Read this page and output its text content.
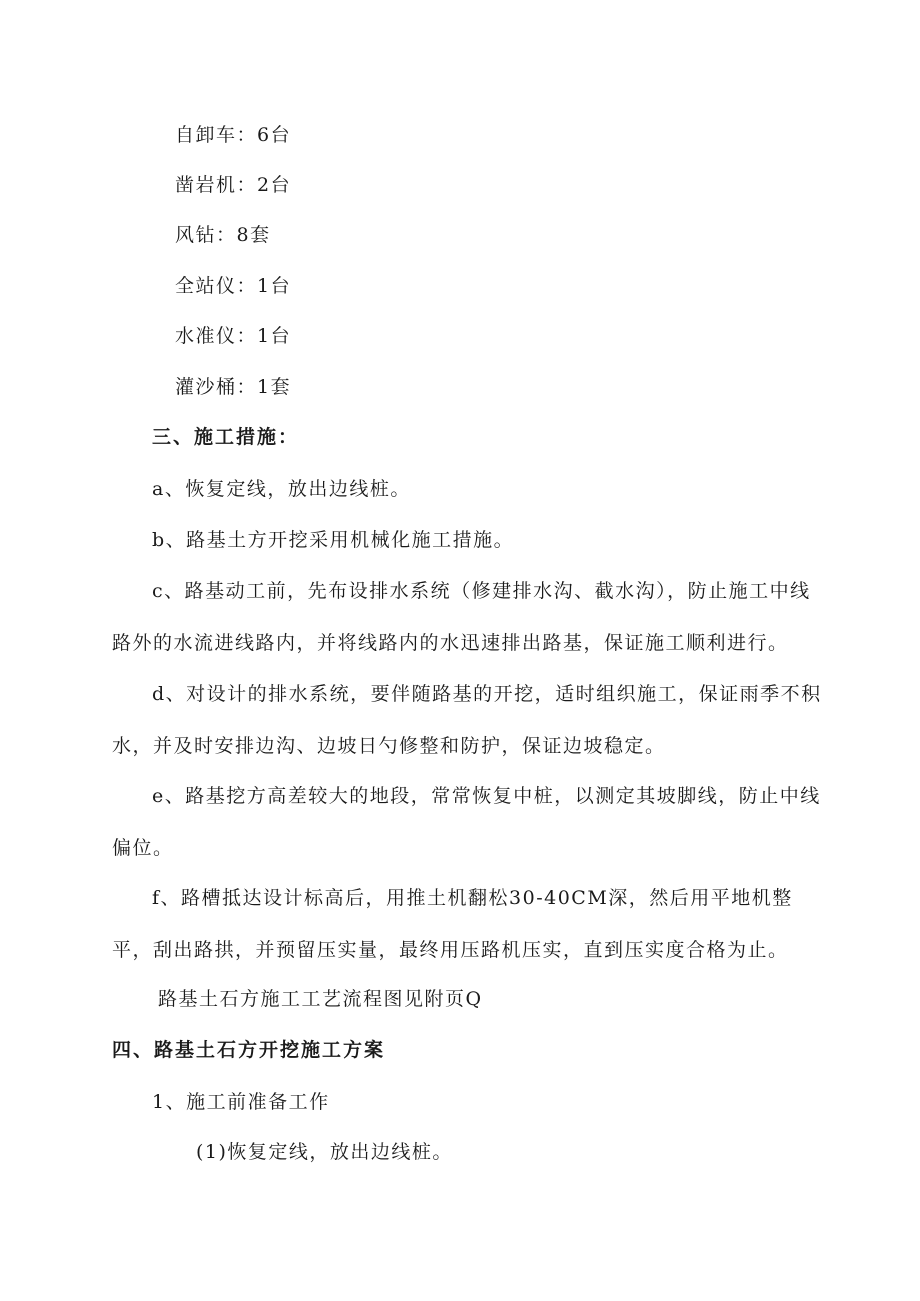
自卸车：6台
凿岩机：2台
风钻：8套
全站仪：1台
水准仪：1台
灌沙桶：1套
三、施工措施：
a、恢复定线，放出边线桩。
b、路基土方开挖采用机械化施工措施。
c、路基动工前，先布设排水系统（修建排水沟、截水沟），防止施工中线路外的水流进线路内，并将线路内的水迅速排出路基，保证施工顺利进行。
d、对设计的排水系统，要伴随路基的开挖，适时组织施工，保证雨季不积水，并及时安排边沟、边坡日勺修整和防护，保证边坡稳定。
e、路基挖方高差较大的地段，常常恢复中桩，以测定其坡脚线，防止中线偏位。
f、路槽抵达设计标高后，用推土机翻松30-40CM深，然后用平地机整平，刮出路拱，并预留压实量，最终用压路机压实，直到压实度合格为止。
路基土石方施工工艺流程图见附页Q
四、路基土石方开挖施工方案
1、施工前准备工作
(1)恢复定线，放出边线桩。
